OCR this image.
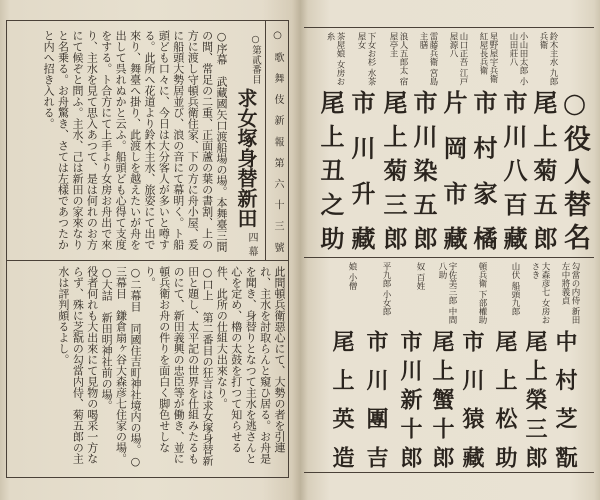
○歌舞伎新報第六十三號
○第貳番目
求女塚身替新田
四幕

○序幕　武藏國矢口渡船場の場。本舞臺三間の間、常足の二重、正面蘆の葉の書割、上の方に渡し守頓兵衛住家、下の方に舟小屋、爰に船頭大勢居並び、浪の音にて幕明く。ト船頭ども口々に、今日は大分客人が多いと噂する。此所へ花道より鈴木主水、旅姿にて出で來り、舞臺へ掛り、此渡しを越えたいが舟を出して呉れぬかと云ふ。船頭ども心得て支度をする。ト合方にて上手より女房お舟出で來り、主水を見て思入あつて、是は何れのお方にて候ぞと問ふ。主水、己は新田の家來なりと名乗る。お舟驚き、さては左樣であつたかと内へ招き入れる。

此間頓兵衛惡心にて、大勢の者を引連れ、主水を討取らんと窺ひ居る。お舟是を聞き、身替りとなつて主水を逃さんと心を定め、櫓の太鼓を打つて知らせる件、此所の仕組大出來なり。

○口上　第二番目の狂言は求女塚身替新田と題し、太平記の世界を仕組みたるものにて、新田義興の忠臣等が働き、並に頓兵衛お舟の件りを面白く脚色せしなり。

○二幕目　同國住吉町神社境内の場。○三幕目　鎌倉扇ヶ谷大森彦七住家の場。○大詰　新田明神社前の場。

役者何れも大出來にて見物の喝采一方ならず、殊に芝翫の勾當内侍、菊五郎の主水は評判頗るよし。

○役人替名
鈴木主水 九郎兵衛
尾上菊五郎
小山田太郎 小山田莊八
市川八百藏
星野屋宇兵衛 紅屋長兵衛
市村家橘
山口正吾 江戸屋源八
片岡市藏
雷藤兵衛 宮島主膳
市川染五郎
浪人五郎太 宿屋亭主
尾上菊三郎
下女お杉 水茶屋女
市川升藏
茶屋娘 女房お糸
尾上丑之助
勾當の内侍 新田左中將義貞
中村芝翫
大森彦七 女房おさき
尾上榮三郎
山伏 船頭九郎
尾上松助
頓兵衛 下部權助
市川猿藏
宇佐美三郎 中間八助
尾上蟹十郎
奴 百姓
市川新十郎
平九郎 小女郎
市川團吉
娘 小僧
尾上英造
